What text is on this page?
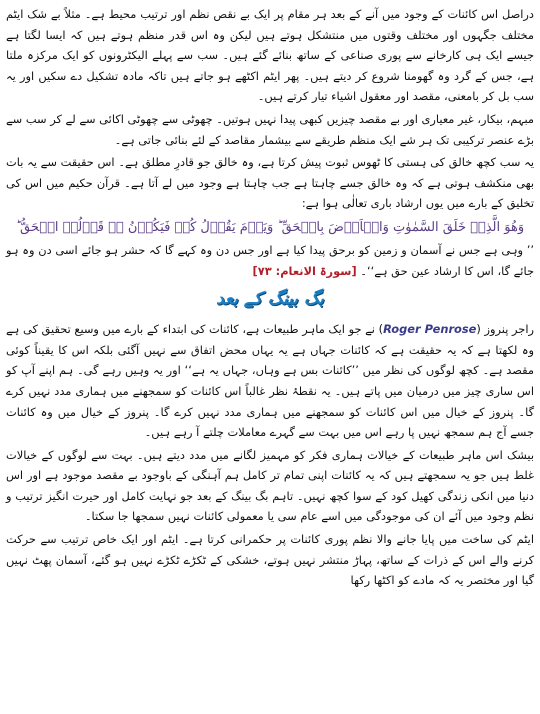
دراصل اس کائنات کے وجود میں آنے کے بعد ہر مقام پر ایک بے نقص نظم اور ترتیب محیط ہے۔ مثلاً بے شک ایٹم مختلف جگہوں اور مختلف وقتوں میں منتشکل ہوتے ہیں لیکن وہ اس قدر منظم ہوتے ہیں کہ ایسا لگتا ہے جیسے ایک ہی کارخانے سے پوری صناعی کے ساتھ بنائے گئے ہیں۔ سب سے پہلے الیکٹرونوں کو ایک مرکزہ ملتا ہے، جس کے گرد وہ گھومنا شروع کر دیتے ہیں۔ پھر ایٹم اکٹھے ہو جاتے ہیں تاکہ مادہ تشکیل دے سکیں اور یہ سب بل کر بامعنی، مقصد اور معقول اشیاء تیار کرتے ہیں۔

مبہم، بیکار، غیر معیاری اور بے مقصد چیزیں کبھی پیدا نہیں ہوتیں۔ چھوٹی سے چھوٹی اکائی سے لے کر سب سے بڑے عنصر ترکیبی تک ہر شے ایک منظم طریقے سے بیشمار مقاصد کے لئے بنائی جاتی ہے۔

یہ سب کچھ خالق کی ہستی کا ٹھوس ثبوت پیش کرتا ہے، وہ خالق جو قادرِ مطلق ہے۔ اس حقیقت سے یہ بات بھی منکشف ہوتی ہے کہ وہ خالق جسے چاہتا ہے جب چاہتا ہے وجود میں لے آتا ہے۔ قرآن حکیم میں اس کی تخلیق کے بارے میں یوں ارشاد باری تعالٰی ہوا ہے:

وَهُوَ الَّذِیۡ خَلَقَ السَّمٰوٰتِ وَالۡاَرۡضَ بِالۡحَقِّ ؕ وَیَوۡمَ یَقُوۡلُ کُنۡ فَیَکُوۡنُ ؕ۬ قَوۡلُہُ الۡحَقُّ ؕ

’’ وہی ہے جس نے آسمان و زمین کو برحق پیدا کیا ہے اور جس دن وہ کہے گا کہ حشر ہو جائے اسی دن وہ ہو جائے گا، اس کا ارشاد عین حق ہے‘‘۔ [سورۃ الانعام: ۷۳]

بگ بینگ کے بعد

راجر پنروز (Roger Penrose) نے جو ایک ماہر طبیعات ہے، کائنات کی ابتداء کے بارے میں وسیع تحقیق کی ہے وہ لکھتا ہے کہ یہ حقیقت ہے کہ کائنات جہاں ہے یہ یہاں محض اتفاق سے نہیں آگئی بلکہ اس کا یقیناً کوئی مقصد ہے۔ کچھ لوگوں کی نظر میں ’’کائنات بس ہے وہاں، جہاں یہ ہے‘‘ اور یہ وہیں رہے گی۔ ہم اپنے آپ کو اس ساری چیز میں درمیان میں پاتے ہیں۔ یہ نقطۂ نظر غالباً اس کائنات کو سمجھنے میں ہماری مدد نہیں کرے گا۔ پنروز کے خیال میں اس کائنات کو سمجھنے میں ہماری مدد نہیں کرے گا۔ پنروز کے خیال میں وہ کائنات جسے آج ہم سمجھ نہیں پا رہے اس میں بہت سے گہرے معاملات چلتے آ رہے ہیں۔

بیشک اس ماہر طبیعات کے خیالات ہماری فکر کو مہمیز لگانے میں مدد دیتے ہیں۔ بہت سے لوگوں کے خیالات غلط ہیں جو یہ سمجھتے ہیں کہ یہ کائنات اپنی تمام تر کامل ہم آہنگی کے باوجود بے مقصد موجود ہے اور اس دنیا میں انکی زندگی کھیل کود کے سوا کچھ نہیں۔ تاہم بگ بینگ کے بعد جو نہایت کامل اور حیرت انگیز ترتیب و نظم وجود میں آئے ان کی موجودگی میں اسے عام سی یا معمولی کائنات نہیں سمجھا جا سکتا۔

ایٹم کی ساخت میں پایا جانے والا نظم پوری کائنات پر حکمرانی کرتا ہے۔ ایٹم اور ایک خاص ترتیب سے حرکت کرنے والے اس کے ذرات کے ساتھ، پہاڑ منتشر نہیں ہوتے، خشکی کے ٹکڑے ٹکڑے نہیں ہو گئے، آسمان پھٹ نہیں گیا اور مختصر یہ کہ مادے کو اکٹھا رکھا
